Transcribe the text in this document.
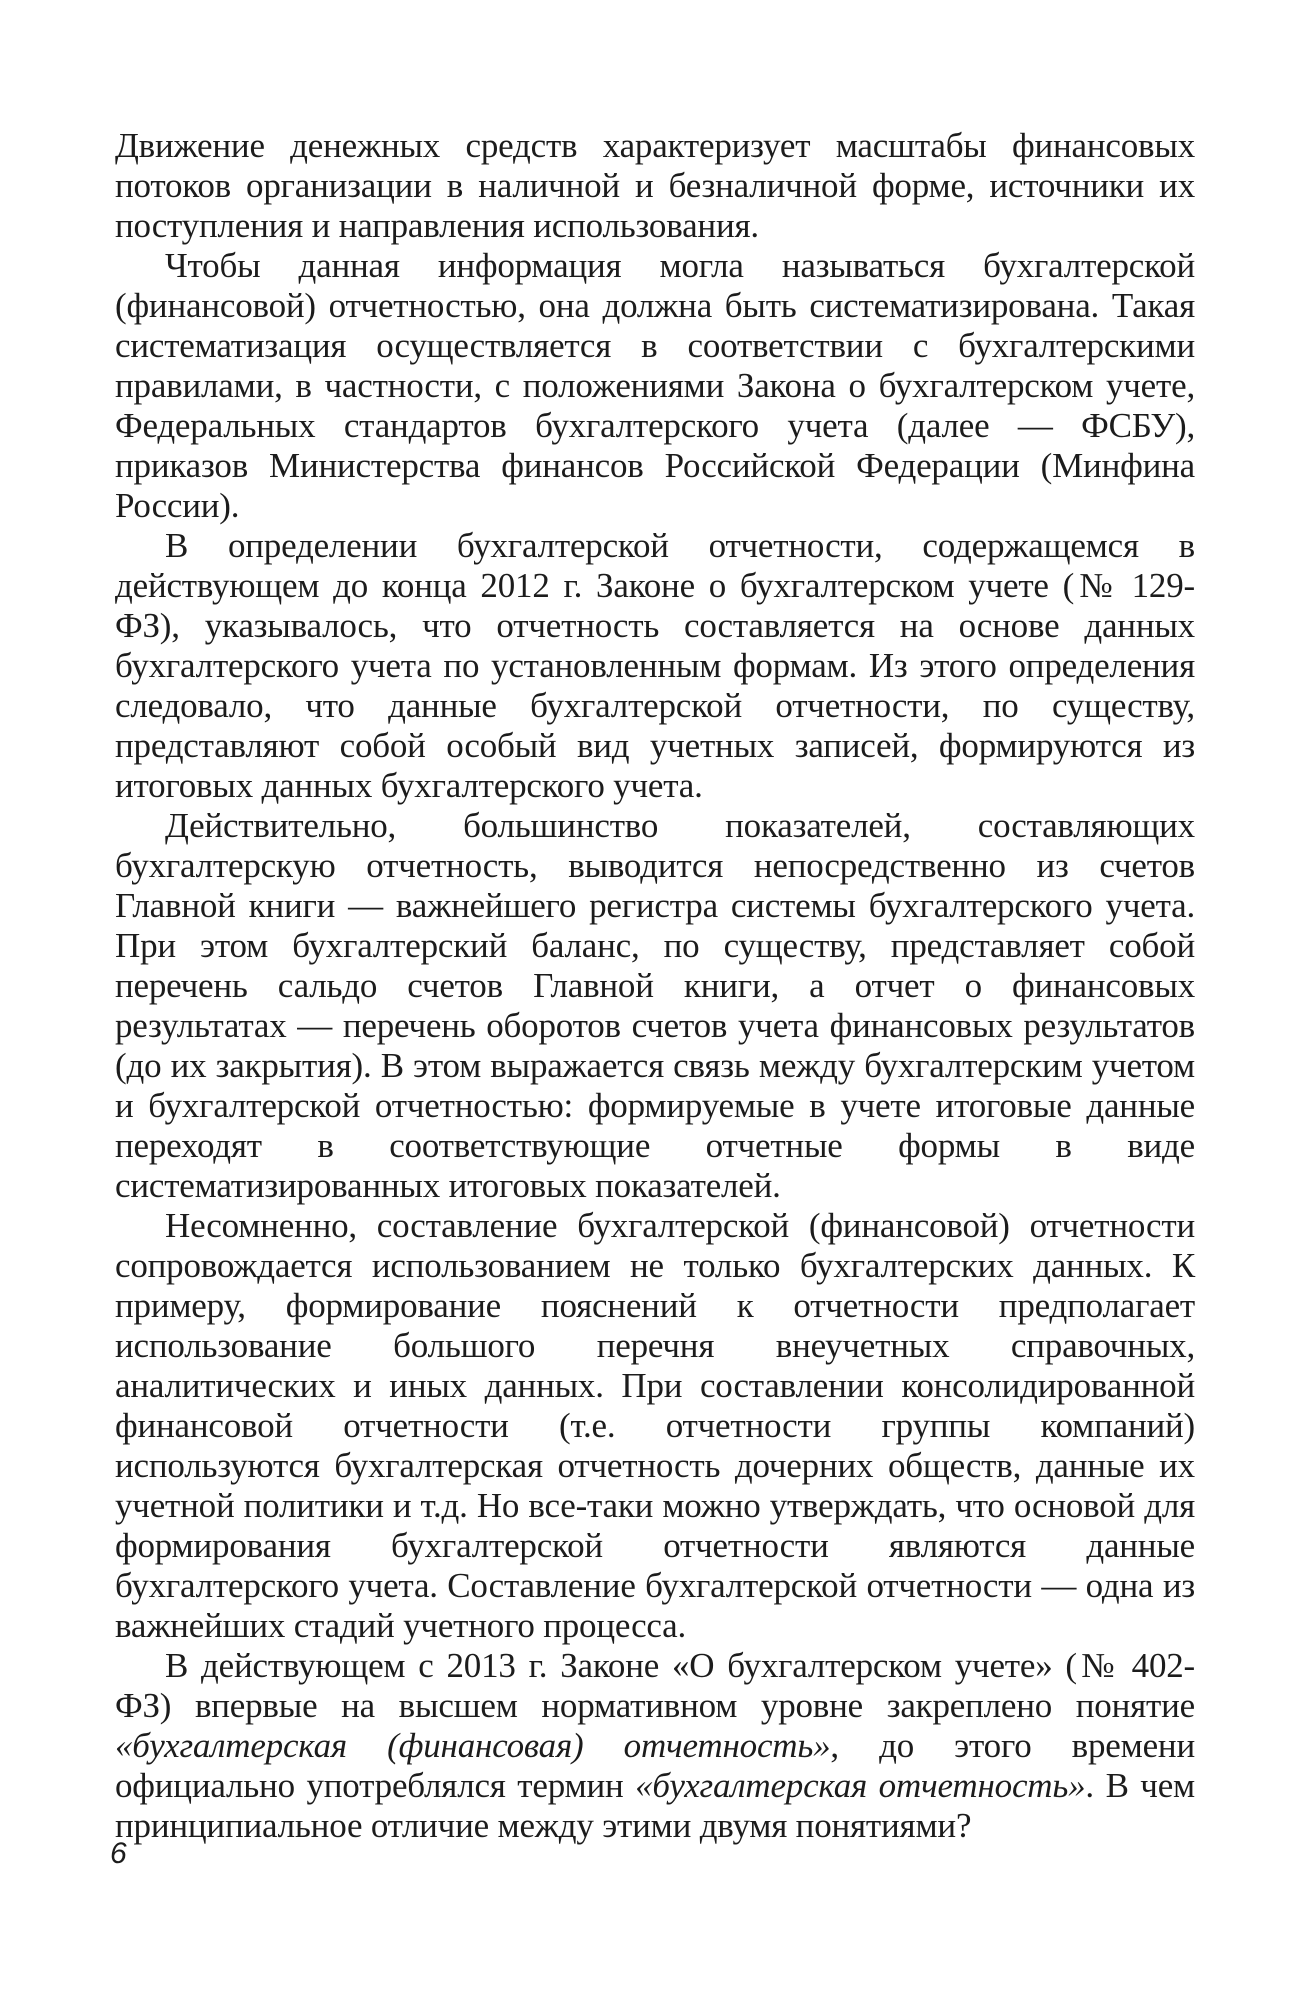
Движение денежных средств характеризует масштабы финансовых потоков организации в наличной и безналичной форме, источники их поступления и направления использования.

Чтобы данная информация могла называться бухгалтерской (финансовой) отчетностью, она должна быть систематизирована. Такая систематизация осуществляется в соответствии с бухгалтерскими правилами, в частности, с положениями Закона о бухгалтерском учете, Федеральных стандартов бухгалтерского учета (далее — ФСБУ), приказов Министерства финансов Российской Федерации (Минфина России).

В определении бухгалтерской отчетности, содержащемся в действующем до конца 2012 г. Законе о бухгалтерском учете (№ 129-ФЗ), указывалось, что отчетность составляется на основе данных бухгалтерского учета по установленным формам. Из этого определения следовало, что данные бухгалтерской отчетности, по существу, представляют собой особый вид учетных записей, формируются из итоговых данных бухгалтерского учета.

Действительно, большинство показателей, составляющих бухгалтерскую отчетность, выводится непосредственно из счетов Главной книги — важнейшего регистра системы бухгалтерского учета. При этом бухгалтерский баланс, по существу, представляет собой перечень сальдо счетов Главной книги, а отчет о финансовых результатах — перечень оборотов счетов учета финансовых результатов (до их закрытия). В этом выражается связь между бухгалтерским учетом и бухгалтерской отчетностью: формируемые в учете итоговые данные переходят в соответствующие отчетные формы в виде систематизированных итоговых показателей.

Несомненно, составление бухгалтерской (финансовой) отчетности сопровождается использованием не только бухгалтерских данных. К примеру, формирование пояснений к отчетности предполагает использование большого перечня внеучетных справочных, аналитических и иных данных. При составлении консолидированной финансовой отчетности (т.е. отчетности группы компаний) используются бухгалтерская отчетность дочерних обществ, данные их учетной политики и т.д. Но все-таки можно утверждать, что основой для формирования бухгалтерской отчетности являются данные бухгалтерского учета. Составление бухгалтерской отчетности — одна из важнейших стадий учетного процесса.

В действующем с 2013 г. Законе «О бухгалтерском учете» (№ 402-ФЗ) впервые на высшем нормативном уровне закреплено понятие «бухгалтерская (финансовая) отчетность», до этого времени официально употреблялся термин «бухгалтерская отчетность». В чем принципиальное отличие между этими двумя понятиями?

6
